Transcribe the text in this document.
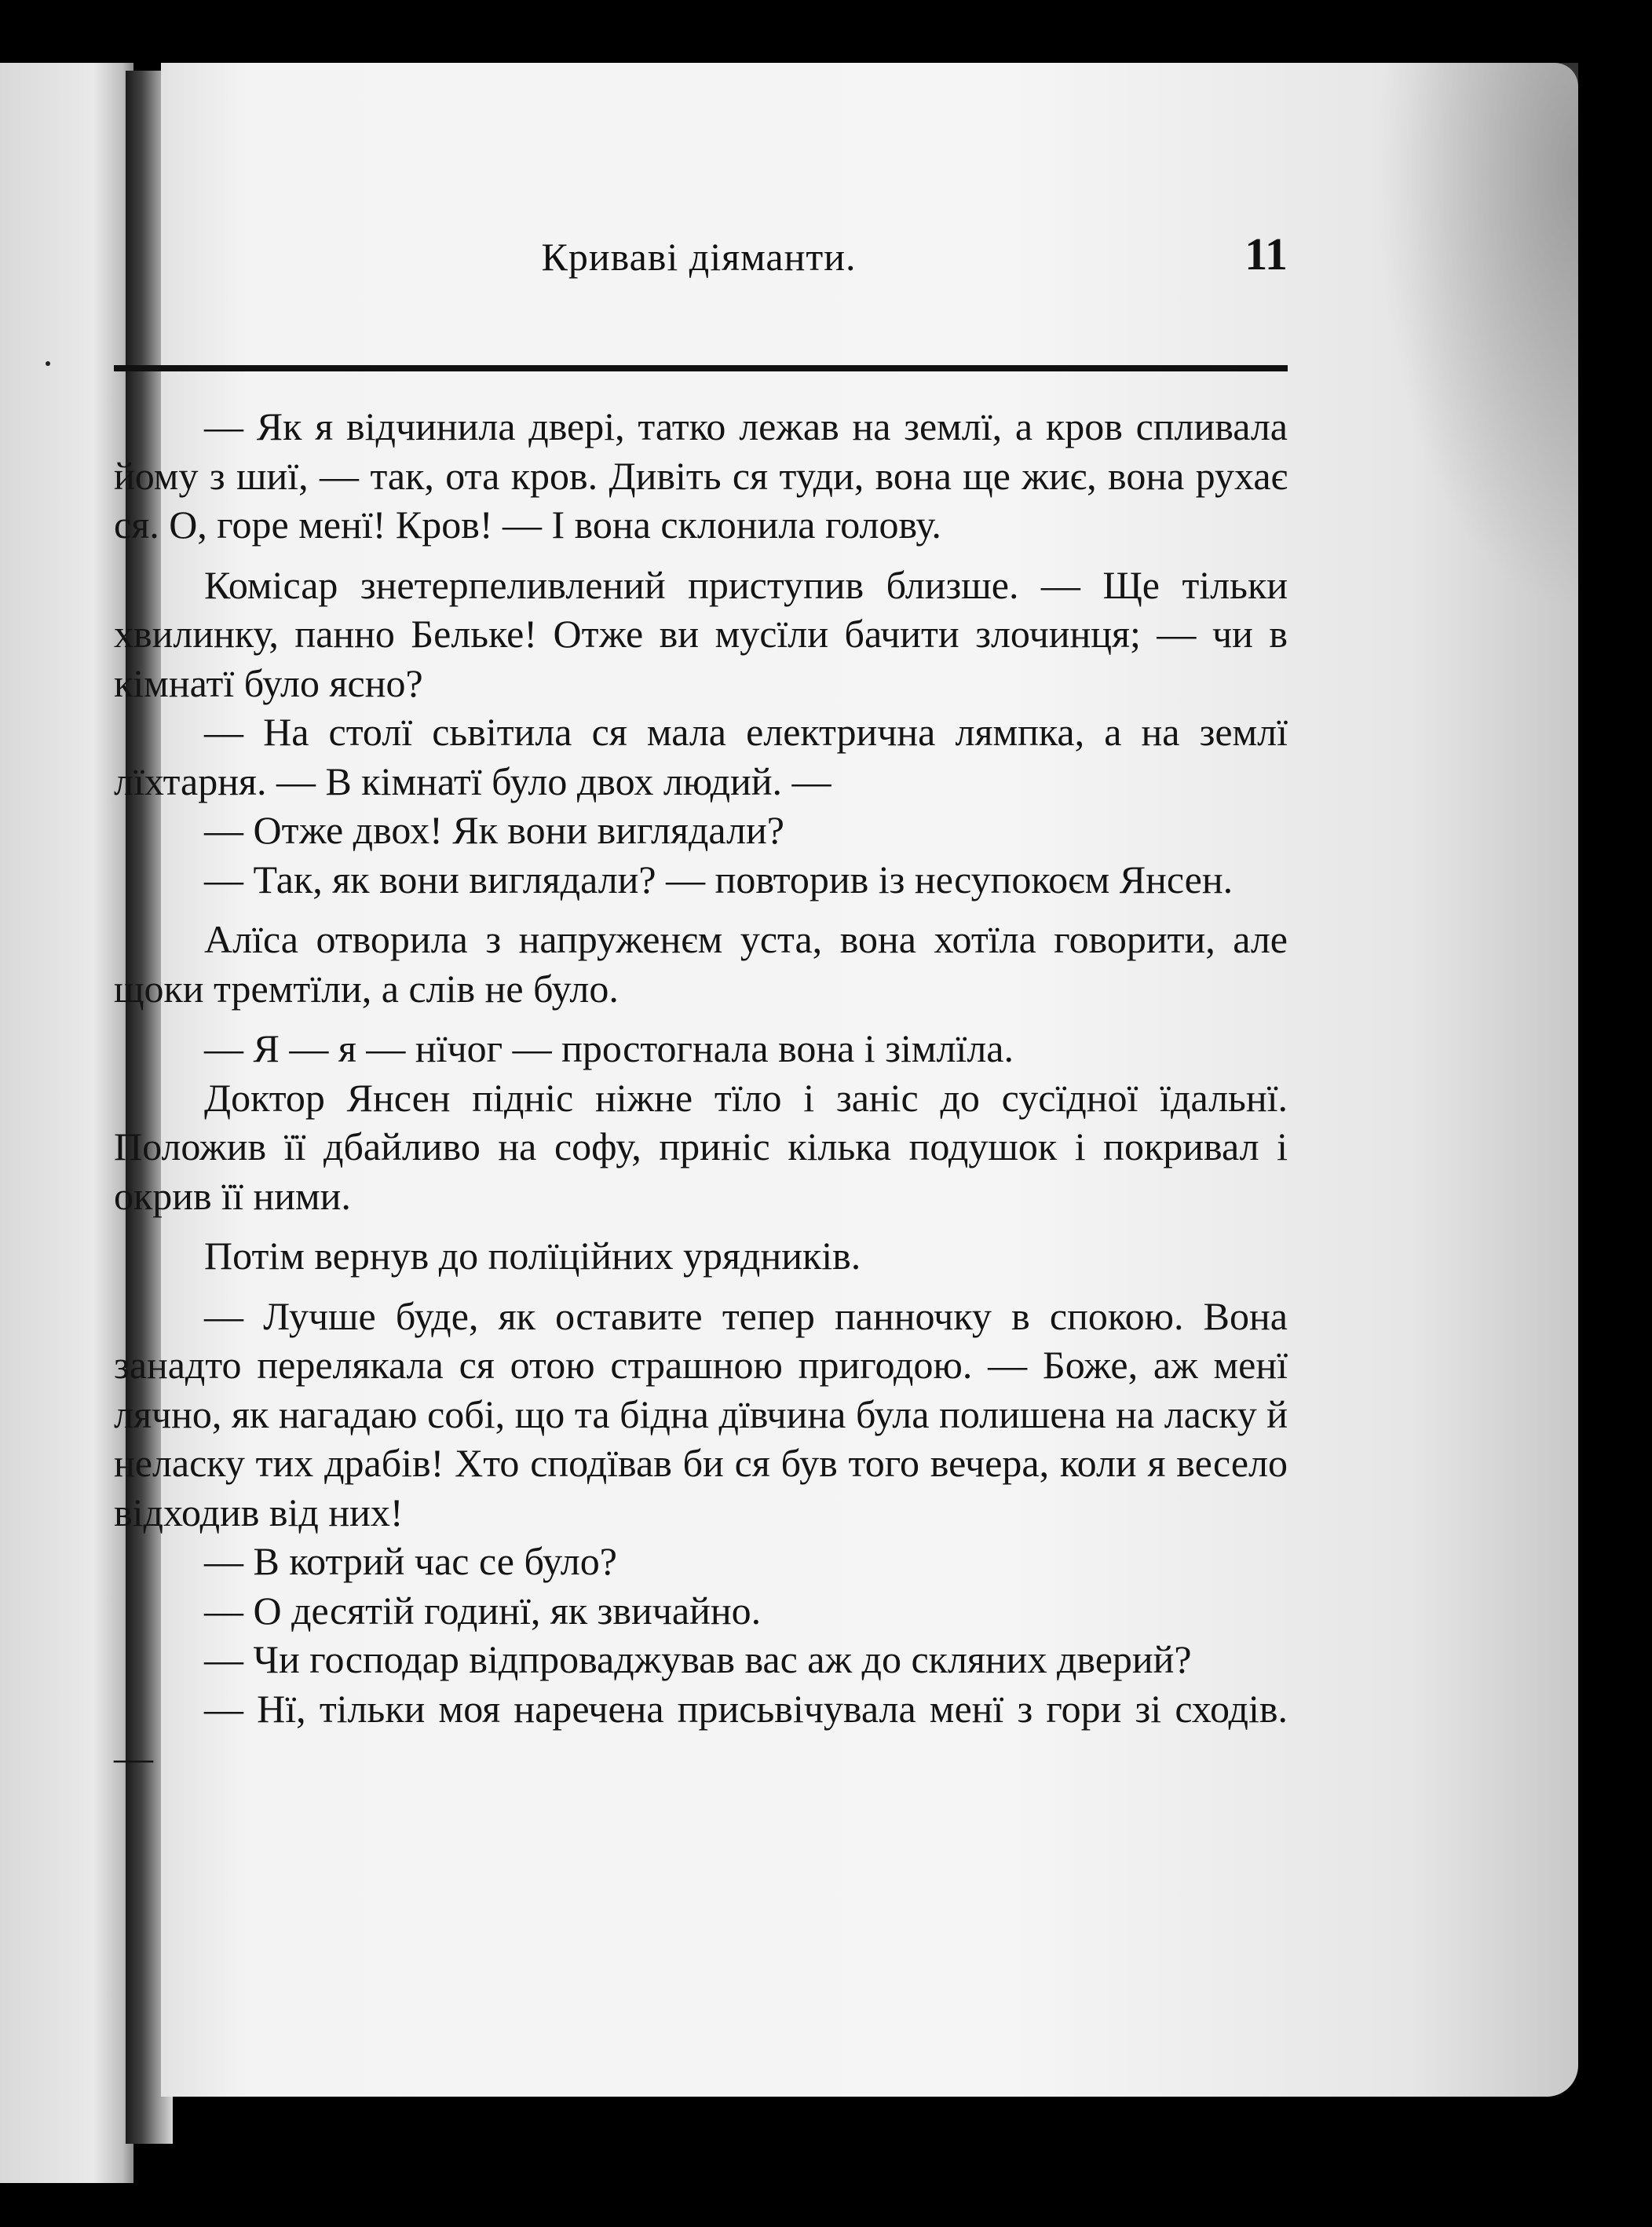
Криваві діяманти.	11

— Як я відчинила двері, татко лежав на землї, а кров спливала йому з шиї, — так, ота кров. Дивіть ся туди, вона ще жиє, вона рухає ся. О, горе менї! Кров! — І вона склонила голову.

Комісар знетерпеливлений приступив близше. — Ще тільки хвилинку, панно Бельке! Отже ви мусїли бачити злочинця; — чи в кімнатї було ясно?

— На столї сьвітила ся мала електрична лямпка, а на землї лїхтарня. — В кімнатї було двох людий. —

— Отже двох! Як вони виглядали?

— Так, як вони виглядали? — повторив із несупокоєм Янсен.

Алїса отворила з напруженєм уста, вона хотїла говорити, але щоки тремтїли, а слів не було.

— Я — я — нїчог — простогнала вона і зімлїла.

Доктор Янсен підніс ніжне тїло і заніс до сусїдної їдальнї. Положив її дбайливо на софу, приніс кілька подушок і покривал і окрив її ними.

Потім вернув до полїційних урядників.

— Лучше буде, як оставите тепер панночку в спокою. Вона занадто перелякала ся отою страшною пригодою. — Боже, аж менї лячно, як нагадаю собі, що та бідна дївчина була полишена на ласку й неласку тих драбів! Хто сподївав би ся був того вечера, коли я весело відходив від них!

— В котрий час се було?

— О десятій годинї, як звичайно.

— Чи господар відпроваджував вас аж до скляних дверий?

— Нї, тільки моя наречена присьвічувала менї з гори зі сходів. —
